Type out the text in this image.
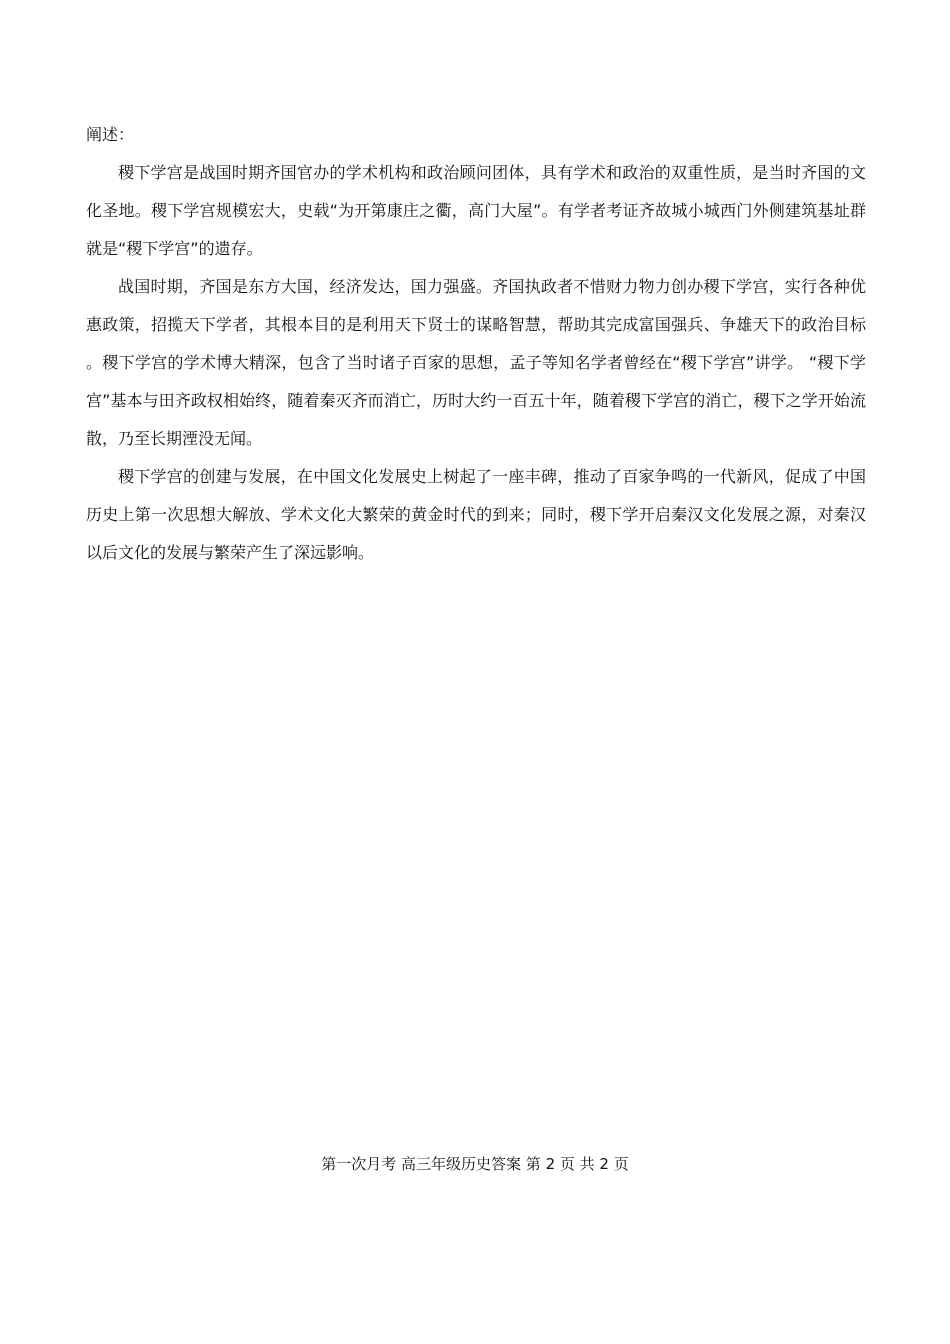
阐述：

稷下学宫是战国时期齐国官办的学术机构和政治顾问团体，具有学术和政治的双重性质，是当时齐国的文化圣地。稷下学宫规模宏大，史载“为开第康庄之衢，高门大屋”。有学者考证齐故城小城西门外侧建筑基址群就是“稷下学宫”的遗存。

战国时期，齐国是东方大国，经济发达，国力强盛。齐国执政者不惜财力物力创办稷下学宫，实行各种优惠政策，招揽天下学者，其根本目的是利用天下贤士的谋略智慧，帮助其完成富国强兵、争雄天下的政治目标。稷下学宫的学术博大精深，包含了当时诸子百家的思想，孟子等知名学者曾经在“稷下学宫”讲学。 “稷下学宫”基本与田齐政权相始终，随着秦灭齐而消亡，历时大约一百五十年，随着稷下学宫的消亡，稷下之学开始流散，乃至长期湮没无闻。

稷下学宫的创建与发展，在中国文化发展史上树起了一座丰碑，推动了百家争鸣的一代新风，促成了中国历史上第一次思想大解放、学术文化大繁荣的黄金时代的到来；同时，稷下学开启秦汉文化发展之源，对秦汉以后文化的发展与繁荣产生了深远影响。

第一次月考 高三年级历史答案 第 2 页 共 2 页
